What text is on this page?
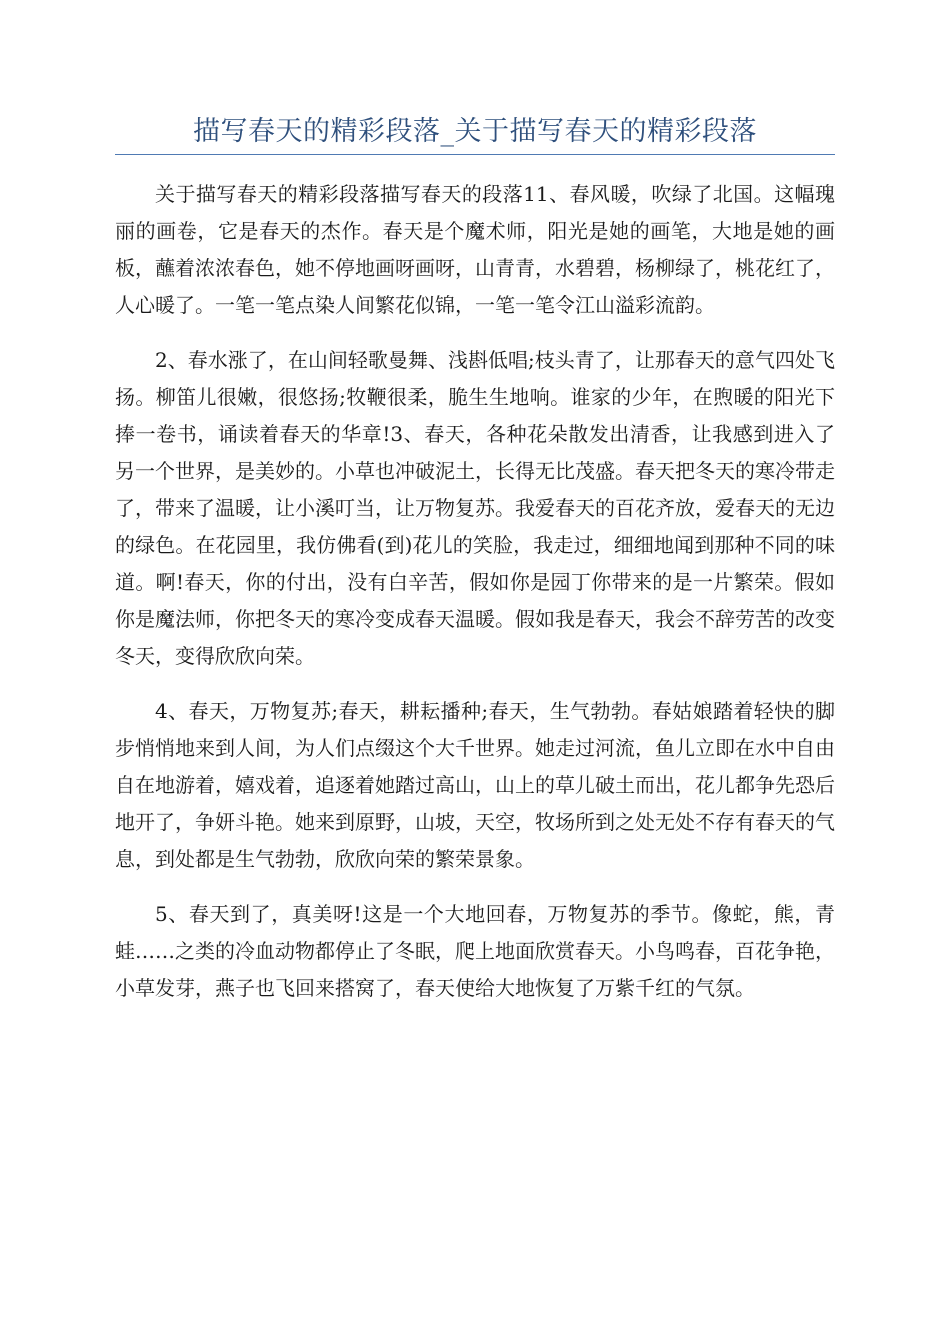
描写春天的精彩段落_关于描写春天的精彩段落

关于描写春天的精彩段落描写春天的段落11、春风暖，吹绿了北国。这幅瑰丽的画卷，它是春天的杰作。春天是个魔术师，阳光是她的画笔，大地是她的画板，蘸着浓浓春色，她不停地画呀画呀，山青青，水碧碧，杨柳绿了，桃花红了，人心暖了。一笔一笔点染人间繁花似锦，一笔一笔令江山溢彩流韵。

2、春水涨了，在山间轻歌曼舞、浅斟低唱;枝头青了，让那春天的意气四处飞扬。柳笛儿很嫩，很悠扬;牧鞭很柔，脆生生地响。谁家的少年，在煦暖的阳光下捧一卷书，诵读着春天的华章!3、春天，各种花朵散发出清香，让我感到进入了另一个世界，是美妙的。小草也冲破泥土，长得无比茂盛。春天把冬天的寒冷带走了，带来了温暖，让小溪叮当，让万物复苏。我爱春天的百花齐放，爱春天的无边的绿色。在花园里，我仿佛看(到)花儿的笑脸，我走过，细细地闻到那种不同的味道。啊!春天，你的付出，没有白辛苦，假如你是园丁你带来的是一片繁荣。假如你是魔法师，你把冬天的寒冷变成春天温暖。假如我是春天，我会不辞劳苦的改变冬天，变得欣欣向荣。

4、春天，万物复苏;春天，耕耘播种;春天，生气勃勃。春姑娘踏着轻快的脚步悄悄地来到人间，为人们点缀这个大千世界。她走过河流，鱼儿立即在水中自由自在地游着，嬉戏着，追逐着她踏过高山，山上的草儿破土而出，花儿都争先恐后地开了，争妍斗艳。她来到原野，山坡，天空，牧场所到之处无处不存有春天的气息，到处都是生气勃勃，欣欣向荣的繁荣景象。

5、春天到了，真美呀!这是一个大地回春，万物复苏的季节。像蛇，熊，青蛙……之类的冷血动物都停止了冬眠，爬上地面欣赏春天。小鸟鸣春，百花争艳，小草发芽，燕子也飞回来搭窝了，春天使给大地恢复了万紫千红的气氛。
